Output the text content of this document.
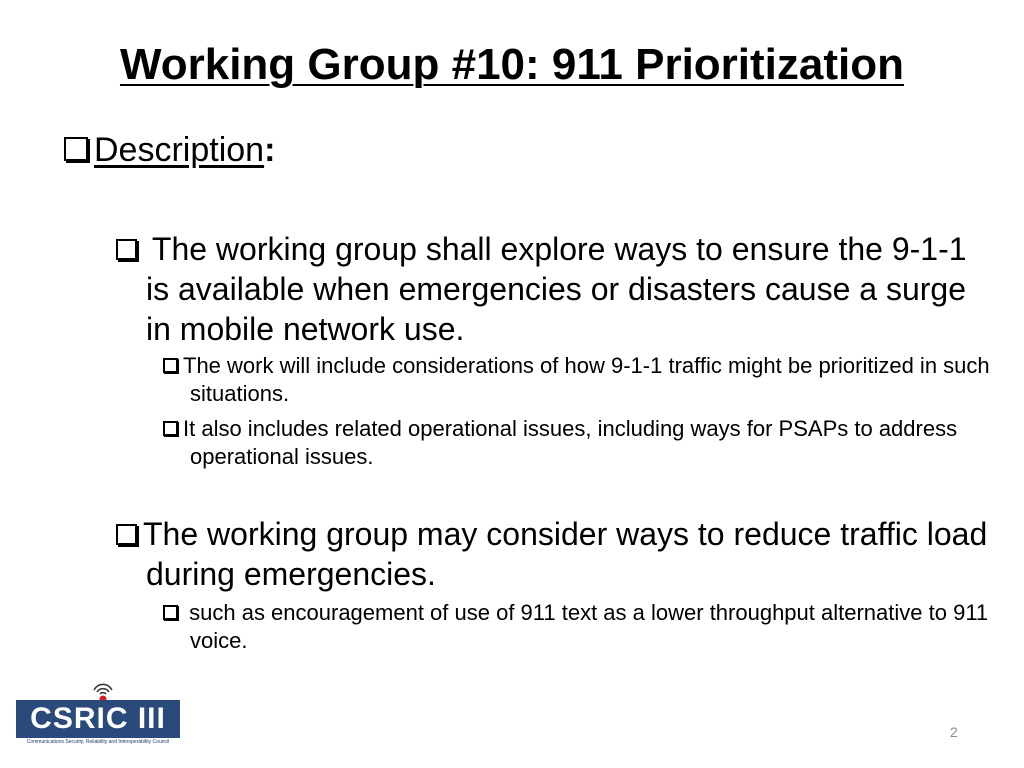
Working Group #10: 911 Prioritization
Description:
The working group shall explore ways to ensure the 9-1-1 is available when emergencies or disasters cause a surge in mobile network use.
The work will include considerations of how 9-1-1 traffic might be prioritized in such situations.
It also includes related operational issues, including ways for PSAPs to address operational issues.
The working group may consider ways to reduce traffic load during emergencies.
such as encouragement of use of 911 text as a lower throughput alternative to 911 voice.
CSRIC III
Communications Security, Reliability and Interoperability Council
2
